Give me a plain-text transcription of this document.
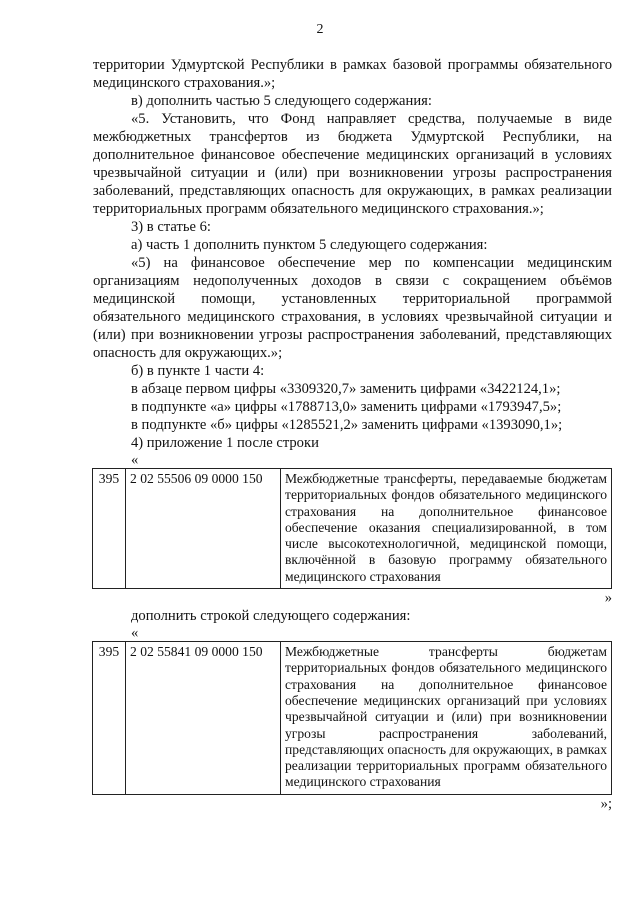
2

территории Удмуртской Республики в рамках базовой программы обязательного медицинского страхования.»;

в) дополнить частью 5 следующего содержания:

«5. Установить, что Фонд направляет средства, получаемые в виде межбюджетных трансфертов из бюджета Удмуртской Республики, на дополнительное финансовое обеспечение медицинских организаций в условиях чрезвычайной ситуации и (или) при возникновении угрозы распространения заболеваний, представляющих опасность для окружающих, в рамках реализации территориальных программ обязательного медицинского страхования.»;

3) в статье 6:

а) часть 1 дополнить пунктом 5 следующего содержания:

«5) на финансовое обеспечение мер по компенсации медицинским организациям недополученных доходов в связи с сокращением объёмов медицинской помощи, установленных территориальной программой обязательного медицинского страхования, в условиях чрезвычайной ситуации и (или) при возникновении угрозы распространения заболеваний, представляющих опасность для окружающих.»;

б) в пункте 1 части 4:

в абзаце первом цифры «3309320,7» заменить цифрами «3422124,1»;

в подпункте «а» цифры «1788713,0» заменить цифрами «1793947,5»;

в подпункте «б» цифры «1285521,2» заменить цифрами «1393090,1»;

4) приложение 1 после строки

«

395	2 02 55506 09 0000 150	Межбюджетные трансферты, передаваемые бюджетам территориальных фондов обязательного медицинского страхования на дополнительное финансовое обеспечение оказания специализированной, в том числе высокотехнологичной, медицинской помощи, включённой в базовую программу обязательного медицинского страхования

»

дополнить строкой следующего содержания:

«

395	2 02 55841 09 0000 150	Межбюджетные трансферты бюджетам территориальных фондов обязательного медицинского страхования на дополнительное финансовое обеспечение медицинских организаций при условиях чрезвычайной ситуации и (или) при возникновении угрозы распространения заболеваний, представляющих опасность для окружающих, в рамках реализации территориальных программ обязательного медицинского страхования

»;
